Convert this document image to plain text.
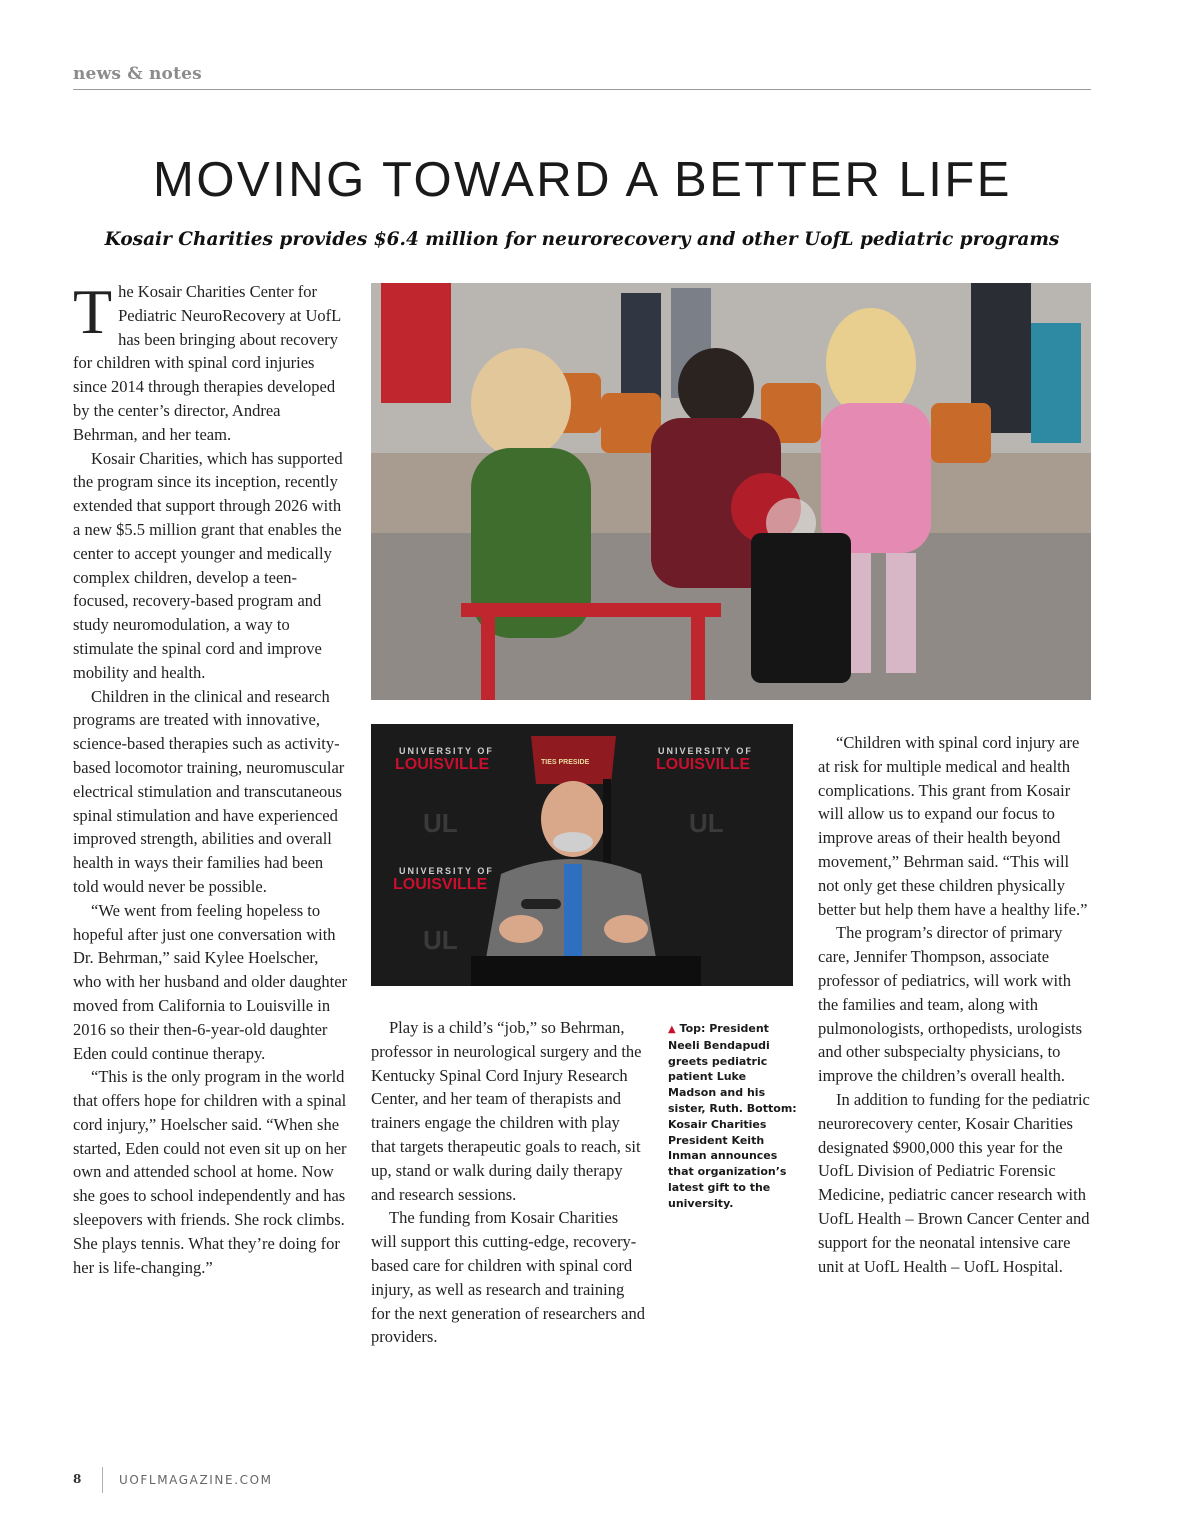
news & notes
MOVING TOWARD A BETTER LIFE
Kosair Charities provides $6.4 million for neurorecovery and other UofL pediatric programs

The Kosair Charities Center for Pediatric NeuroRecovery at UofL has been bringing about recovery for children with spinal cord injuries since 2014 through therapies developed by the center’s director, Andrea Behrman, and her team.

Kosair Charities, which has supported the program since its inception, recently extended that support through 2026 with a new $5.5 million grant that enables the center to accept younger and medically complex children, develop a teen-focused, recovery-based program and study neuromodulation, a way to stimulate the spinal cord and improve mobility and health.

Children in the clinical and research programs are treated with innovative, science-based therapies such as activity-based locomotor training, neuromuscular electrical stimulation and transcutaneous spinal stimulation and have experienced improved strength, abilities and overall health in ways their families had been told would never be possible.

“We went from feeling hopeless to hopeful after just one conversation with Dr. Behrman,” said Kylee Hoelscher, who with her husband and older daughter moved from California to Louisville in 2016 so their then-6-year-old daughter Eden could continue therapy.

“This is the only program in the world that offers hope for children with a spinal cord injury,” Hoelscher said. “When she started, Eden could not even sit up on her own and attended school at home. Now she goes to school independently and has sleepovers with friends. She rock climbs. She plays tennis. What they’re doing for her is life-changing.”

UNIVERSITY OF
LOUISVILLE
UNIVERSITY OF
LOUISVILLE
UL	UL
UNIVERSITY OF
LOUISVILLE
UL
TIES PRESIDE
▲ Top: President Neeli Bendapudi greets pediatric patient Luke Madson and his sister, Ruth. Bottom: Kosair Charities President Keith Inman announces that organization’s latest gift to the university.

Play is a child’s “job,” so Behrman, professor in neurological surgery and the Kentucky Spinal Cord Injury Research Center, and her team of therapists and trainers engage the children with play that targets therapeutic goals to reach, sit up, stand or walk during daily therapy and research sessions.

The funding from Kosair Charities will support this cutting-edge, recovery-based care for children with spinal cord injury, as well as research and training for the next generation of researchers and providers.

“Children with spinal cord injury are at risk for multiple medical and health complications. This grant from Kosair will allow us to expand our focus to improve areas of their health beyond movement,” Behrman said. “This will not only get these children physically better but help them have a healthy life.”

The program’s director of primary care, Jennifer Thompson, associate professor of pediatrics, will work with the families and team, along with pulmonologists, orthopedists, urologists and other subspecialty physicians, to improve the children’s overall health.

In addition to funding for the pediatric neurorecovery center, Kosair Charities designated $900,000 this year for the UofL Division of Pediatric Forensic Medicine, pediatric cancer research with UofL Health – Brown Cancer Center and support for the neonatal intensive care unit at UofL Health – UofL Hospital.

8	UOFLMAGAZINE.COM
